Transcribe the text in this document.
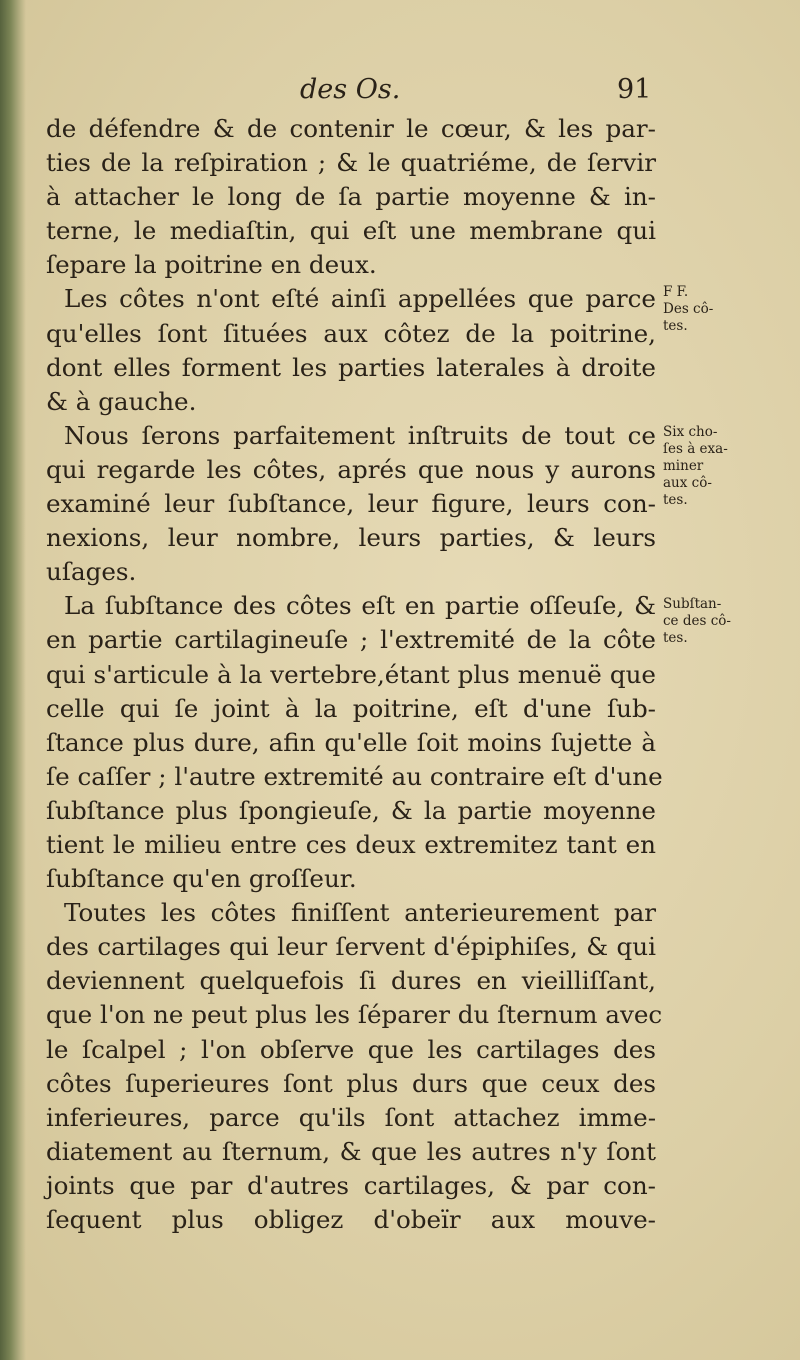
des Os.	91
de défendre & de contenir le cœur, & les par-
ties de la reſpiration ; & le quatriéme, de ſervir
à attacher le long de ſa partie moyenne & in-
terne, le mediaſtin, qui eſt une membrane qui
ſepare la poitrine en deux.
Les côtes n'ont eſté ainſi appellées que parce
qu'elles ſont ſituées aux côtez de la poitrine,
dont elles forment les parties laterales à droite
& à gauche.
Nous ſerons parfaitement inſtruits de tout ce
qui regarde les côtes, aprés que nous y aurons
examiné leur ſubſtance, leur figure, leurs con-
nexions, leur nombre, leurs parties, & leurs
uſages.
La ſubſtance des côtes eſt en partie oſſeuſe, &
en partie cartilagineuſe ; l'extremité de la côte
qui s'articule à la vertebre,étant plus menuë que
celle qui ſe joint à la poitrine, eſt d'une ſub-
ſtance plus dure, afin qu'elle ſoit moins ſujette à
ſe caſſer ; l'autre extremité au contraire eſt d'une
ſubſtance plus ſpongieuſe, & la partie moyenne
tient le milieu entre ces deux extremitez tant en
ſubſtance qu'en groſſeur.
Toutes les côtes finiſſent anterieurement par
des cartilages qui leur ſervent d'épiphiſes, & qui
deviennent quelquefois ſi dures en vieilliſſant,
que l'on ne peut plus les ſéparer du ſternum avec
le ſcalpel ; l'on obſerve que les cartilages des
côtes ſuperieures ſont plus durs que ceux des
inferieures, parce qu'ils ſont attachez imme-
diatement au ſternum, & que les autres n'y ſont
joints que par d'autres cartilages, & par con-
ſequent plus obligez d'obeïr aux mouve-
F F.
Des cô-
tes.
Six cho-
ſes à exa-
miner
aux cô-
tes.
Subſtan-
ce des cô-
tes.
